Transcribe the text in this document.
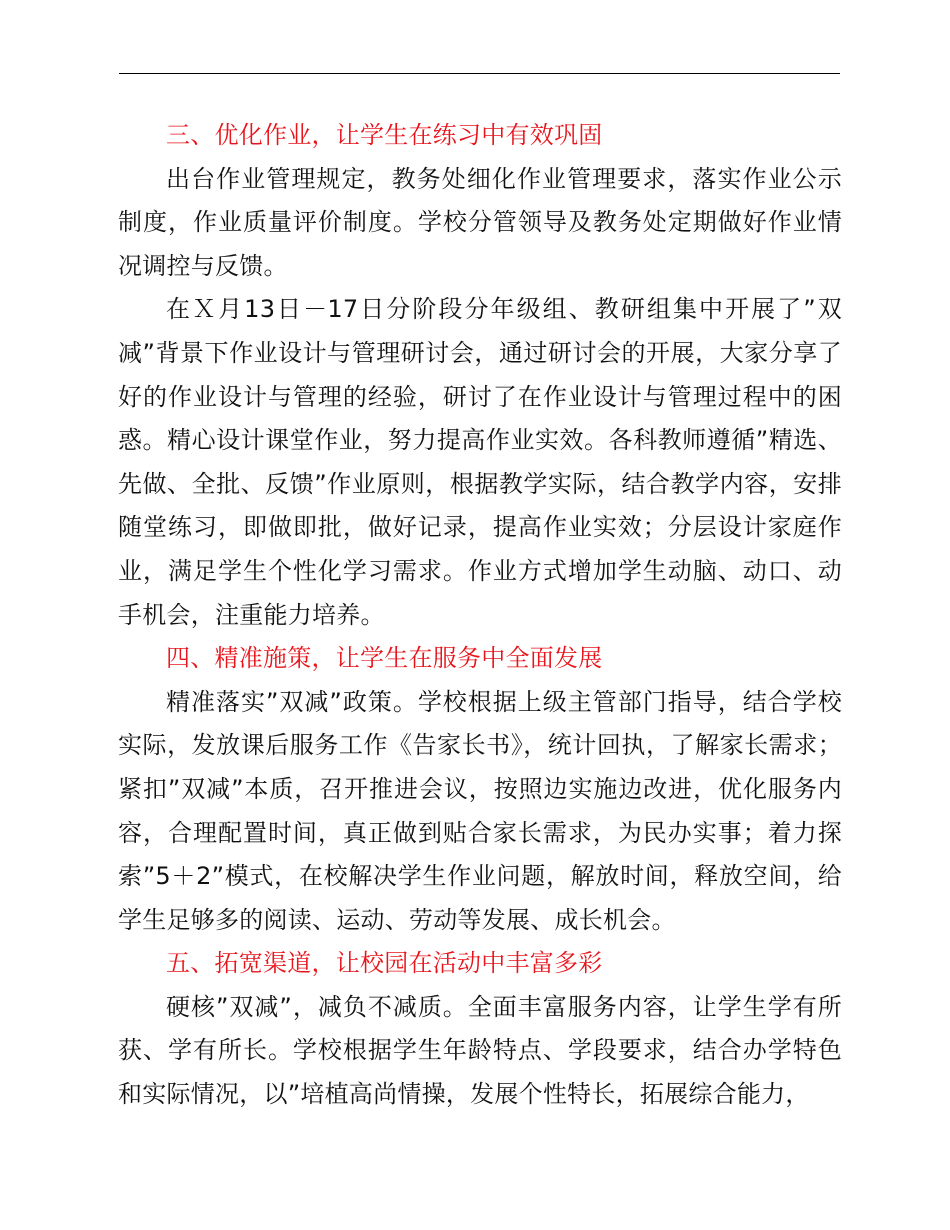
三、优化作业，让学生在练习中有效巩固

出台作业管理规定，教务处细化作业管理要求，落实作业公示制度，作业质量评价制度。学校分管领导及教务处定期做好作业情况调控与反馈。

在Ｘ月13日－17日分阶段分年级组、教研组集中开展了”双减”背景下作业设计与管理研讨会，通过研讨会的开展，大家分享了好的作业设计与管理的经验，研讨了在作业设计与管理过程中的困惑。精心设计课堂作业，努力提高作业实效。各科教师遵循”精选、先做、全批、反馈”作业原则，根据教学实际，结合教学内容，安排随堂练习，即做即批，做好记录，提高作业实效；分层设计家庭作业，满足学生个性化学习需求。作业方式增加学生动脑、动口、动手机会，注重能力培养。

四、精准施策，让学生在服务中全面发展

精准落实”双减”政策。学校根据上级主管部门指导，结合学校实际，发放课后服务工作《告家长书》，统计回执，了解家长需求；紧扣”双减”本质，召开推进会议，按照边实施边改进，优化服务内容，合理配置时间，真正做到贴合家长需求，为民办实事；着力探索”5＋2”模式，在校解决学生作业问题，解放时间，释放空间，给学生足够多的阅读、运动、劳动等发展、成长机会。

五、拓宽渠道，让校园在活动中丰富多彩

硬核”双减”，减负不减质。全面丰富服务内容，让学生学有所获、学有所长。学校根据学生年龄特点、学段要求，结合办学特色和实际情况，以”培植高尚情操，发展个性特长，拓展综合能力，
